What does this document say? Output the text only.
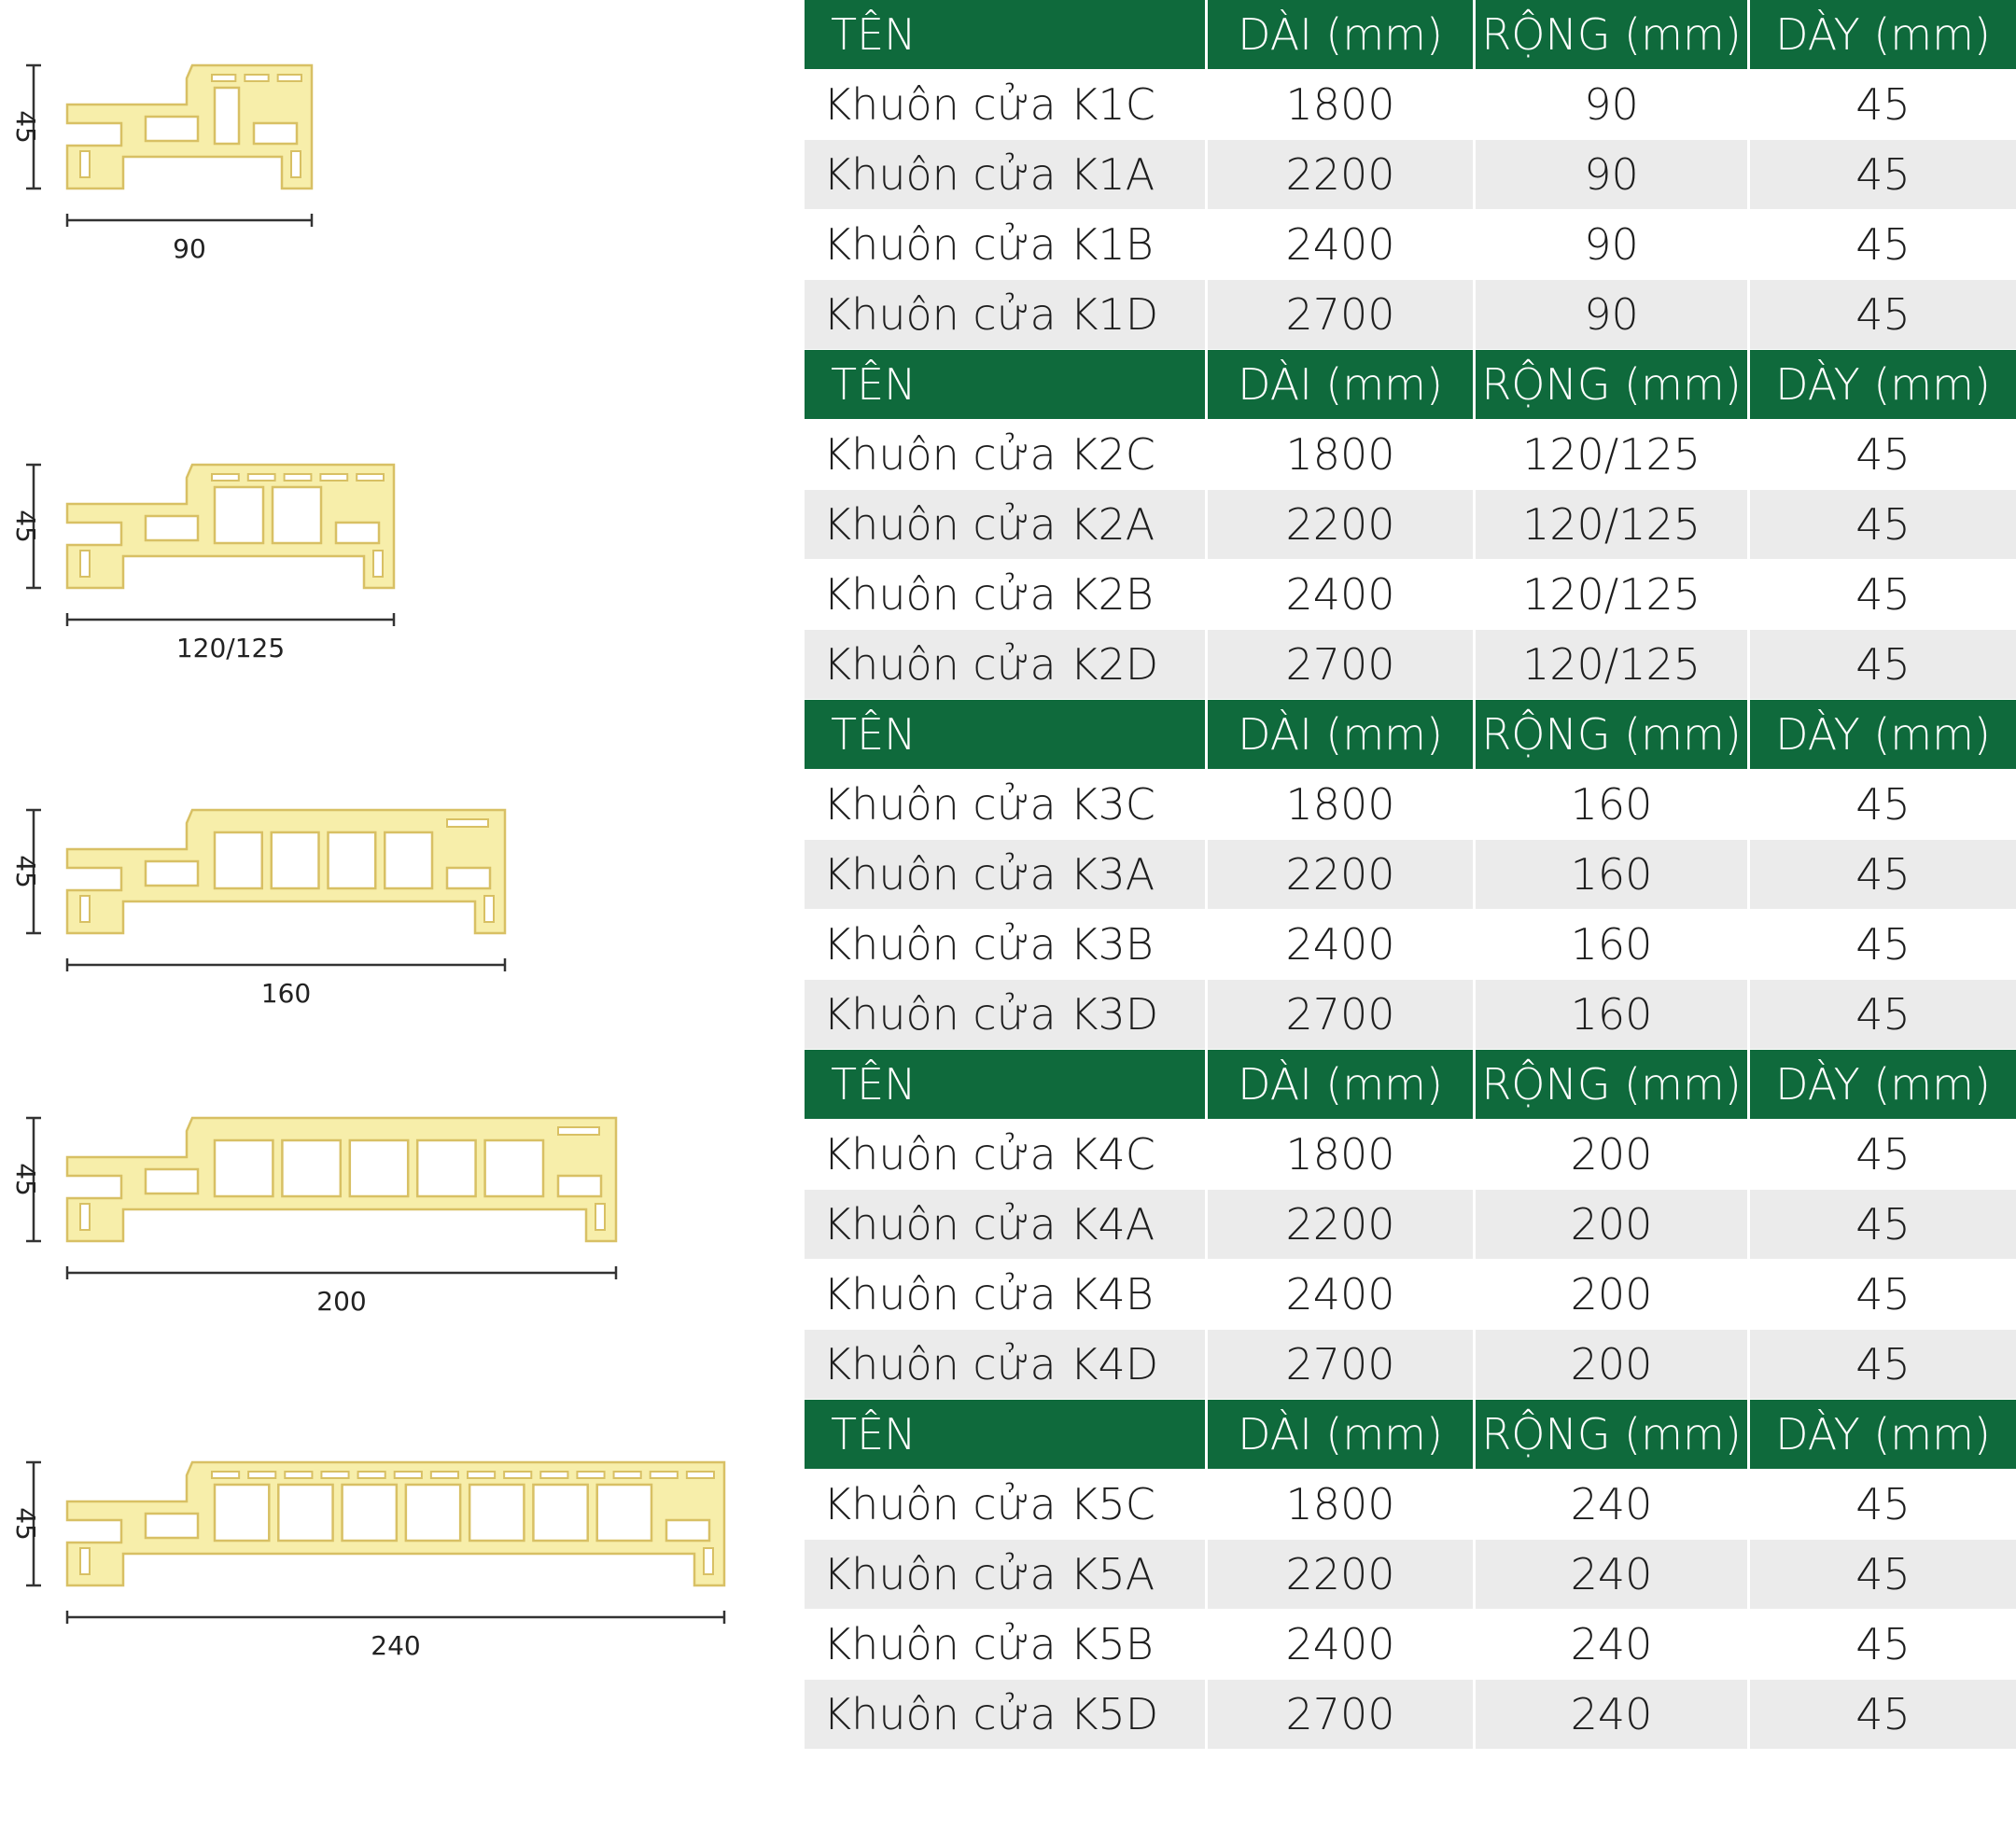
45
90
45
120/125
45
160
45
200
45
240
TÊN	DÀI (mm)	RỘNG (mm)	DÀY (mm)
Khuôn cửa K1C	1800	90	45
Khuôn cửa K1A	2200	90	45
Khuôn cửa K1B	2400	90	45
Khuôn cửa K1D	2700	90	45
TÊN	DÀI (mm)	RỘNG (mm)	DÀY (mm)
Khuôn cửa K2C	1800	120/125	45
Khuôn cửa K2A	2200	120/125	45
Khuôn cửa K2B	2400	120/125	45
Khuôn cửa K2D	2700	120/125	45
TÊN	DÀI (mm)	RỘNG (mm)	DÀY (mm)
Khuôn cửa K3C	1800	160	45
Khuôn cửa K3A	2200	160	45
Khuôn cửa K3B	2400	160	45
Khuôn cửa K3D	2700	160	45
TÊN	DÀI (mm)	RỘNG (mm)	DÀY (mm)
Khuôn cửa K4C	1800	200	45
Khuôn cửa K4A	2200	200	45
Khuôn cửa K4B	2400	200	45
Khuôn cửa K4D	2700	200	45
TÊN	DÀI (mm)	RỘNG (mm)	DÀY (mm)
Khuôn cửa K5C	1800	240	45
Khuôn cửa K5A	2200	240	45
Khuôn cửa K5B	2400	240	45
Khuôn cửa K5D	2700	240	45
